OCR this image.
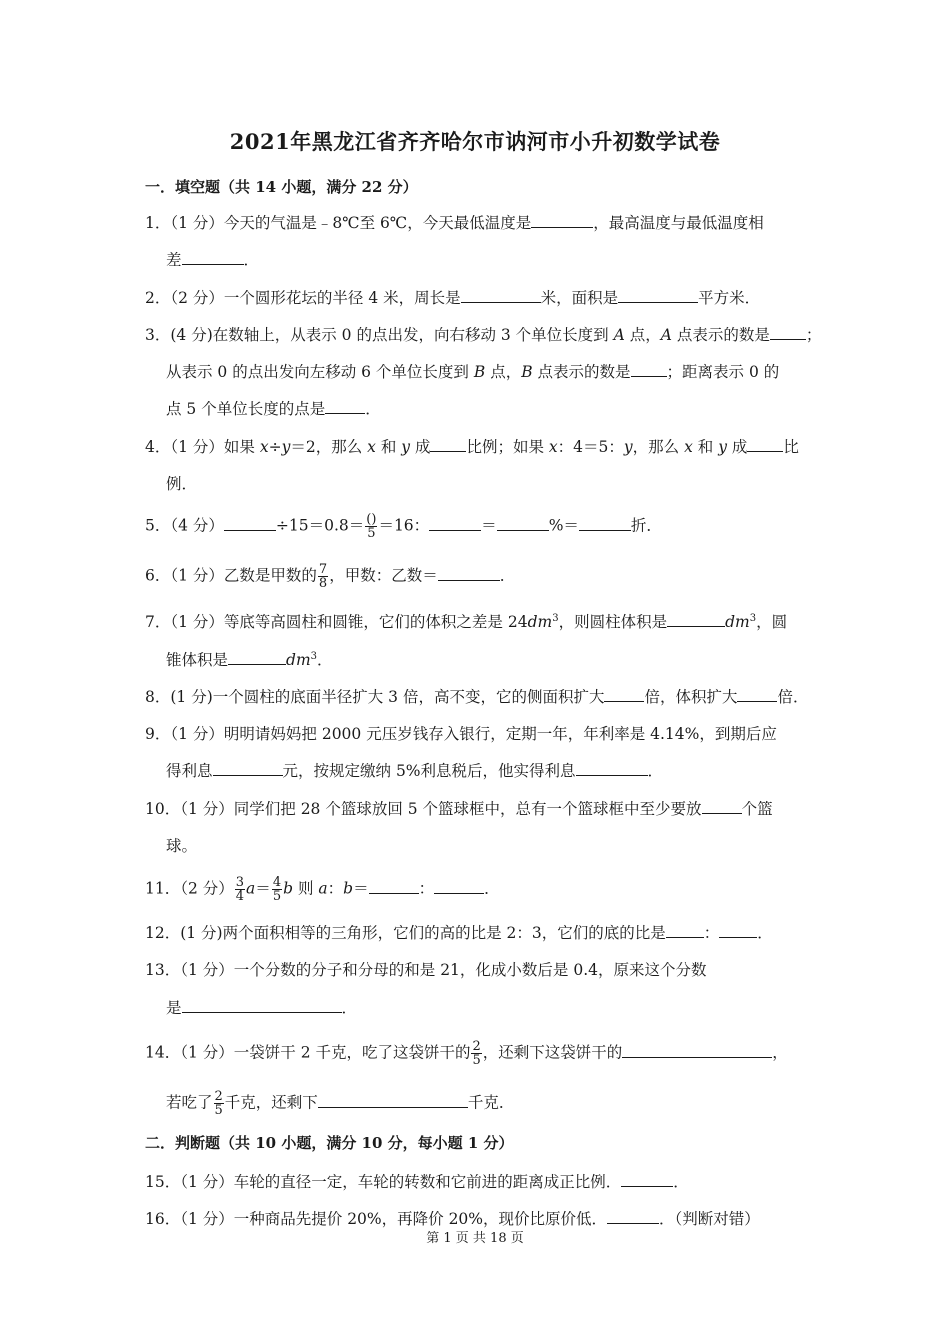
2021年黑龙江省齐齐哈尔市讷河市小升初数学试卷
一．填空题（共 14 小题，满分 22 分）
1．（1 分）今天的气温是﹣8℃至 6℃，今天最低温度是	，最高温度与最低温度相
差	．
2．（2 分）一个圆形花坛的半径 4 米，周长是	米，面积是	平方米．
3．(4 分)在数轴上，从表示 0 的点出发，向右移动 3 个单位长度到 A 点，A 点表示的数是 ；
从表示 0 的点出发向左移动 6 个单位长度到 B 点，B 点表示的数是 ；距离表示 0 的
点 5 个单位长度的点是	．
4．（1 分）如果 x÷y＝2，那么 x 和 y 成 比例；如果 x：4＝5：y，那么 x 和 y 成 比
例．
5．（4 分）	$\div 15=0.8= \frac{()}{5} =16$：	＝	%＝	折．
6．（1 分）乙数是甲数的 $\frac{7}{8}$ ，甲数：乙数＝	．
7．（1 分）等底等高圆柱和圆锥，它们的体积之差是 $24dm^3$，则圆柱体积是	$dm^3$，圆
锥体积是	$dm^3$．
8．(1 分)一个圆柱的底面半径扩大 3 倍，高不变，它的侧面积扩大	倍，体积扩大	倍．
9．（1 分）明明请妈妈把 2000 元压岁钱存入银行，定期一年，年利率是 4.14%，到期后应
得利息	元，按规定缴纳 5%利息税后，他实得利息	．
10．（1 分）同学们把 28 个篮球放回 5 个篮球框中，总有一个篮球框中至少要放	个篮
球。
11．（2 分） $\frac{3}{4} a= \frac{4}{5}$ b 则 a：b＝	：	．
12．(1 分)两个面积相等的三角形，它们的高的比是 2：3，它们的底的比是 ： ．
13．（1 分）一个分数的分子和分母的和是 21，化成小数后是 0.4，原来这个分数
是	．
14．（1 分）一袋饼干 2 千克，吃了这袋饼干的 $\frac{2}{5}$ ，还剩下这袋饼干的	，
若吃了 $\frac{2}{5}$ 千克，还剩下	千克．
二．判断题（共 10 小题，满分 10 分，每小题 1 分）
15．（1 分）车轮的直径一定，车轮的转数和它前进的距离成正比例．	．
16．（1 分）一种商品先提价 20%，再降价 20%，现价比原价低．	．（判断对错）
第 1 页 共 18 页
